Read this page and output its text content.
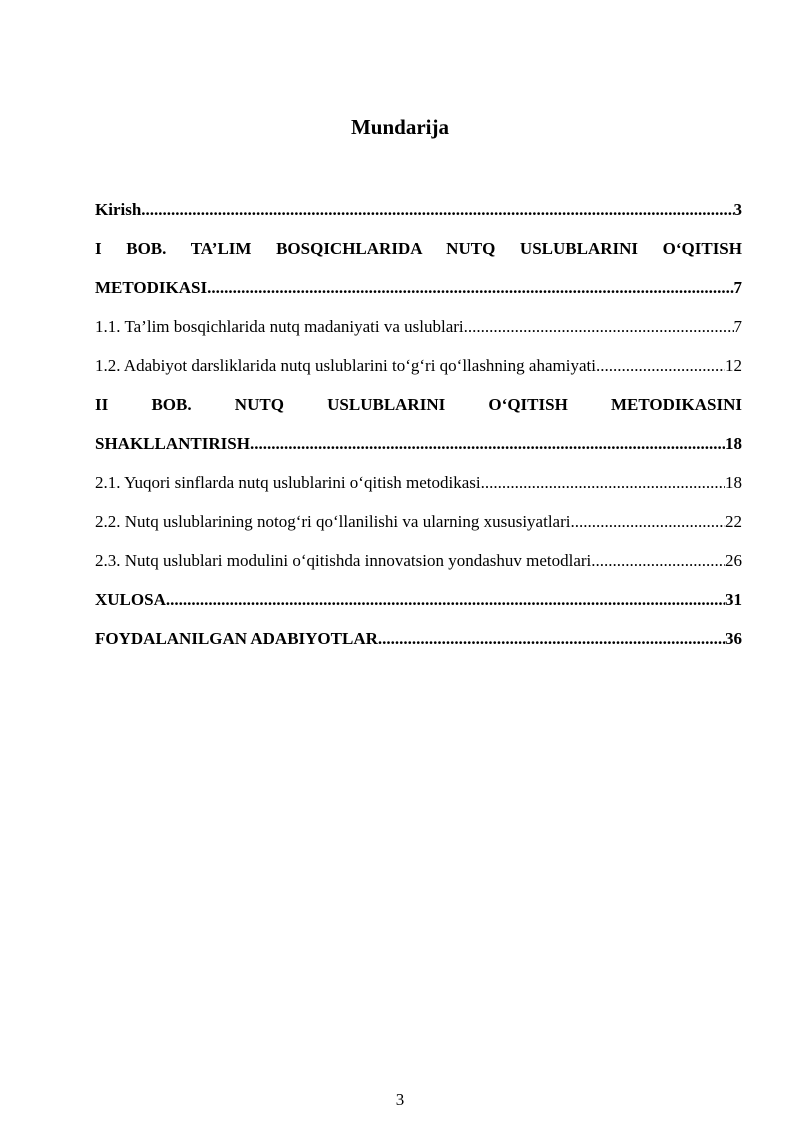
Mundarija
Kirish .....	3
I BOB. TA’LIM BOSQICHLARIDA NUTQ USLUBLARINI O‘QITISH
METODIKASI .....	7
1.1. Ta’lim bosqichlarida nutq madaniyati va uslublari .....	7
1.2. Adabiyot darsliklarida nutq uslublarini to‘g‘ri qo‘llashning ahamiyati .....	12
II BOB. NUTQ USLUBLARINI O‘QITISH METODIKASINI
SHAKLLANTIRISH .....	18
2.1. Yuqori sinflarda nutq uslublarini o‘qitish metodikasi .....	18
2.2. Nutq uslublarining notog‘ri qo‘llanilishi va ularning xususiyatlari .....	22
2.3. Nutq uslublari modulini o‘qitishda innovatsion yondashuv metodlari .....	26
XULOSA .....	31
FOYDALANILGAN ADABIYOTLAR .....	36
3
